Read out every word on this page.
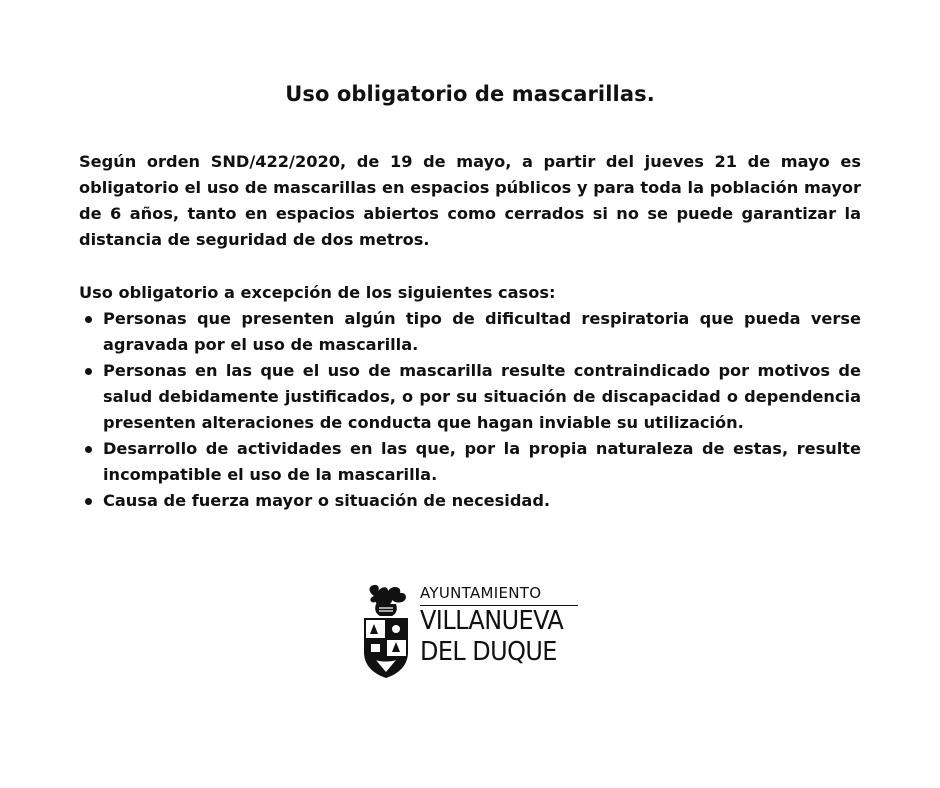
Uso obligatorio de mascarillas.

Según orden SND/422/2020, de 19 de mayo, a partir del jueves 21 de mayo es obligatorio el uso de mascarillas en espacios públicos y para toda la población mayor de 6 años, tanto en espacios abiertos como cerrados si no se puede garantizar la distancia de seguridad de dos metros.

Uso obligatorio a excepción de los siguientes casos:

Personas que presenten algún tipo de dificultad respiratoria que pueda verse agravada por el uso de mascarilla.
Personas en las que el uso de mascarilla resulte contraindicado por motivos de salud debidamente justificados, o por su situación de discapacidad o dependencia presenten alteraciones de conducta que hagan inviable su utilización.
Desarrollo de actividades en las que, por la propia naturaleza de estas, resulte incompatible el uso de la mascarilla.
Causa de fuerza mayor o situación de necesidad.
AYUNTAMIENTO
VILLANUEVA
DEL DUQUE
